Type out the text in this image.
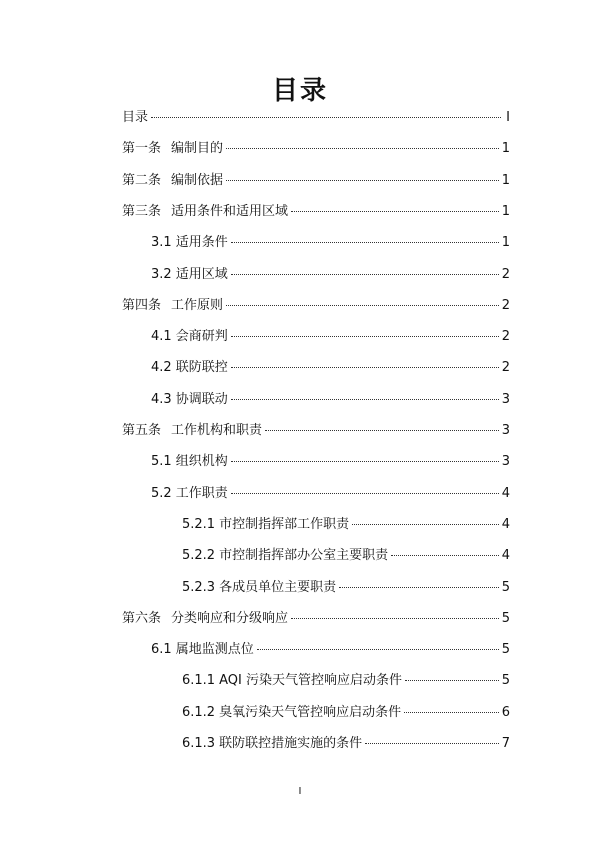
目录
目录	I
第一条 编制目的	1
第二条 编制依据	1
第三条 适用条件和适用区域	1
3.1 适用条件	1
3.2 适用区域	2
第四条 工作原则	2
4.1 会商研判	2
4.2 联防联控	2
4.3 协调联动	3
第五条 工作机构和职责	3
5.1 组织机构	3
5.2 工作职责	4
5.2.1 市控制指挥部工作职责	4
5.2.2 市控制指挥部办公室主要职责	4
5.2.3 各成员单位主要职责	5
第六条 分类响应和分级响应	5
6.1 属地监测点位	5
6.1.1 AQI 污染天气管控响应启动条件	5
6.1.2 臭氧污染天气管控响应启动条件	6
6.1.3 联防联控措施实施的条件	7
I
